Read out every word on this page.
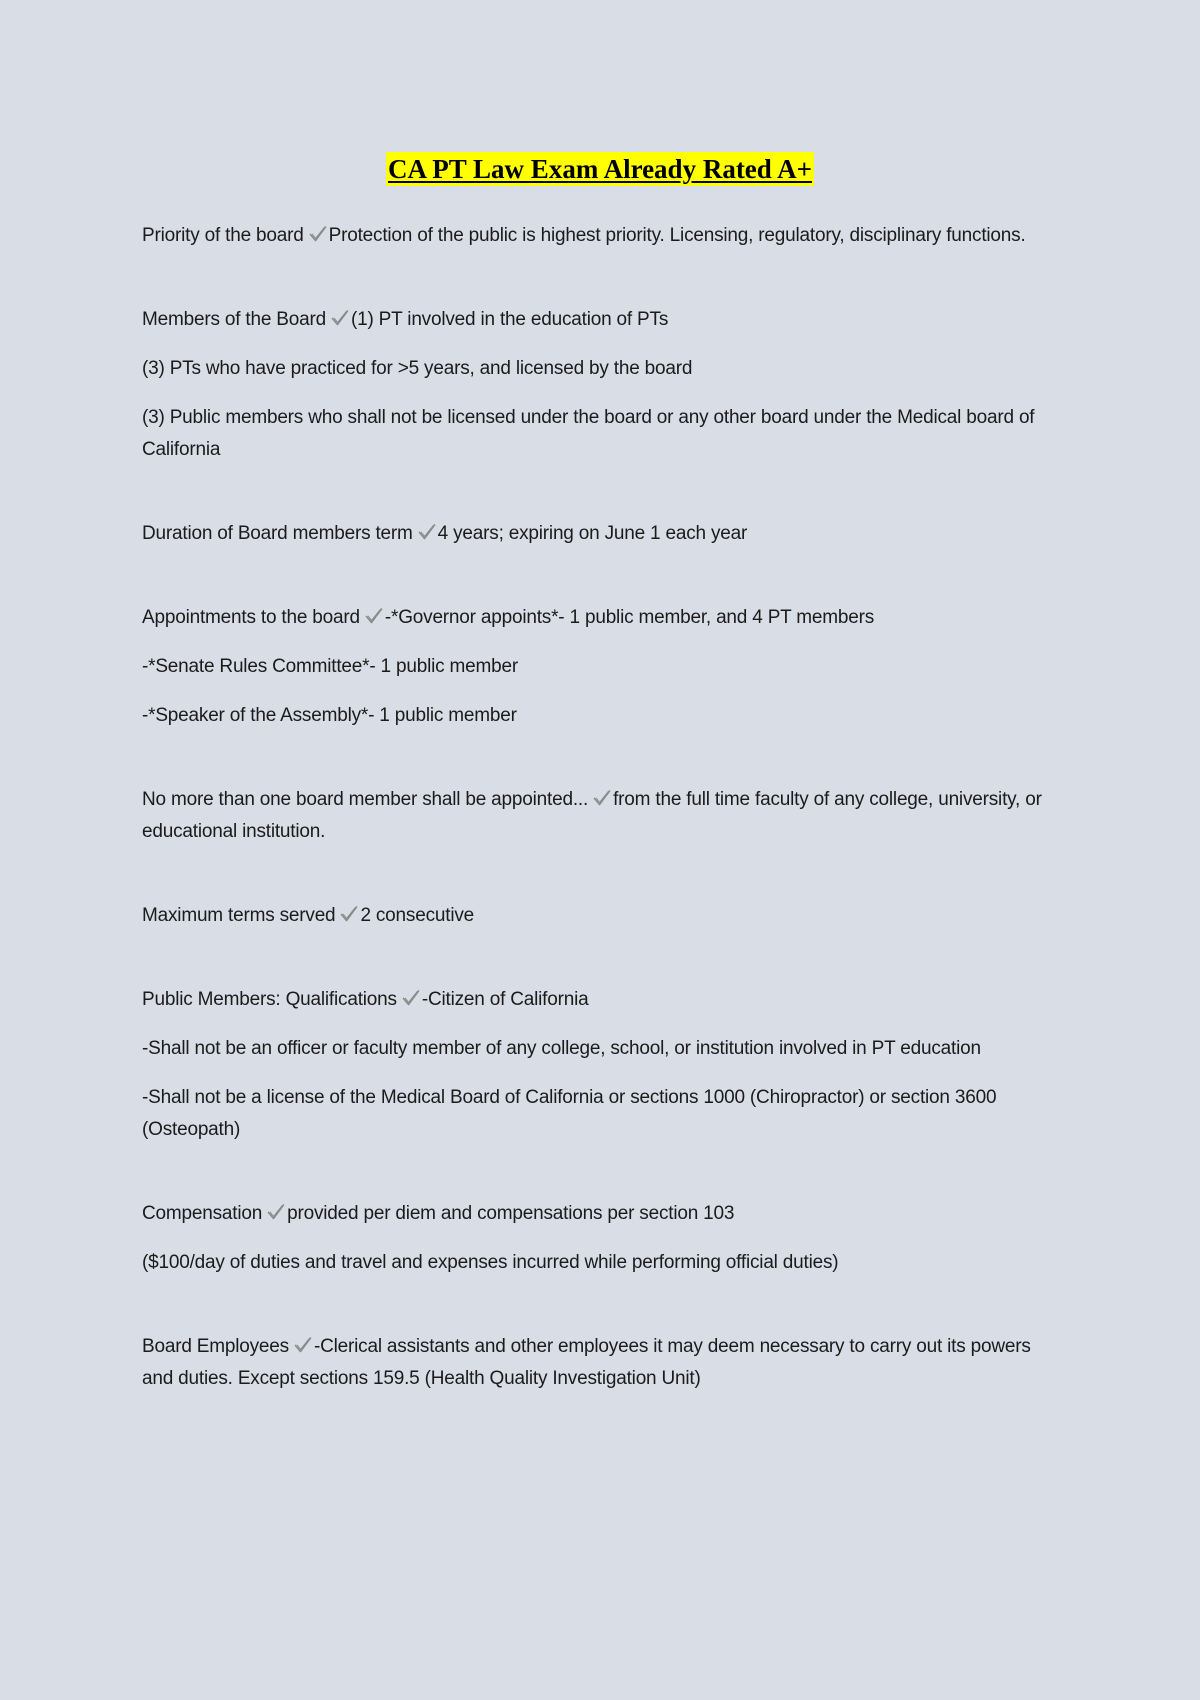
CA PT Law Exam Already Rated A+

Priority of the board Protection of the public is highest priority. Licensing, regulatory, disciplinary functions.

Members of the Board (1) PT involved in the education of PTs

(3) PTs who have practiced for >5 years, and licensed by the board

(3) Public members who shall not be licensed under the board or any other board under the Medical board of California

Duration of Board members term 4 years; expiring on June 1 each year

Appointments to the board -*Governor appoints*- 1 public member, and 4 PT members

-*Senate Rules Committee*- 1 public member

-*Speaker of the Assembly*- 1 public member

No more than one board member shall be appointed... from the full time faculty of any college, university, or educational institution.

Maximum terms served 2 consecutive

Public Members: Qualifications -Citizen of California

-Shall not be an officer or faculty member of any college, school, or institution involved in PT education

-Shall not be a license of the Medical Board of California or sections 1000 (Chiropractor) or section 3600 (Osteopath)

Compensation provided per diem and compensations per section 103

($100/day of duties and travel and expenses incurred while performing official duties)

Board Employees -Clerical assistants and other employees it may deem necessary to carry out its powers and duties. Except sections 159.5 (Health Quality Investigation Unit)
